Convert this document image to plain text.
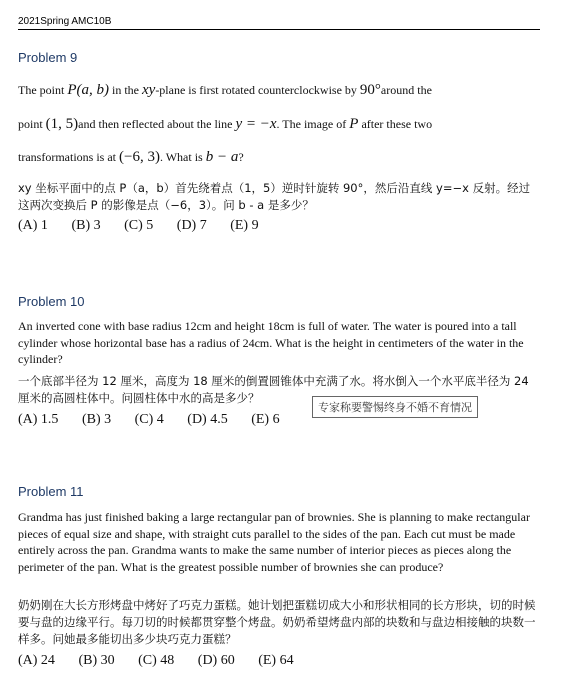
2021Spring AMC10B
Problem 9
The point P(a, b) in the xy-plane is first rotated counterclockwise by 90°around the
point (1, 5)and then reflected about the line y = −x. The image of P after these two
transformations is at (−6, 3). What is b − a?
xy 坐标平面中的点 P（a，b）首先绕着点（1，5）逆时针旋转 90°，然后沿直线 y=−x 反射。经过这两次变换后 P 的影像是点（−6，3）。问 b - a 是多少？
(A) 1 (B) 3 (C) 5 (D) 7 (E) 9
Problem 10
An inverted cone with base radius 12cm and height 18cm is full of water. The water is poured into a tall cylinder whose horizontal base has a radius of 24cm. What is the height in centimeters of the water in the cylinder?
一个底部半径为 12 厘米，高度为 18 厘米的倒置圆锥体中充满了水。将水倒入一个水平底半径为 24 厘米的高圆柱体中。问圆柱体中水的高是多少？
(A) 1.5 (B) 3 (C) 4 (D) 4.5 (E) 6
专家称要警惕终身不婚不育情况
Problem 11
Grandma has just finished baking a large rectangular pan of brownies. She is planning to make rectangular pieces of equal size and shape, with straight cuts parallel to the sides of the pan. Each cut must be made entirely across the pan. Grandma wants to make the same number of interior pieces as pieces along the perimeter of the pan. What is the greatest possible number of brownies she can produce?
奶奶刚在大长方形烤盘中烤好了巧克力蛋糕。她计划把蛋糕切成大小和形状相同的长方形块，切的时候要与盘的边缘平行。每刀切的时候都贯穿整个烤盘。奶奶希望烤盘内部的块数和与盘边相接触的块数一样多。问她最多能切出多少块巧克力蛋糕？
(A) 24 (B) 30 (C) 48 (D) 60 (E) 64
